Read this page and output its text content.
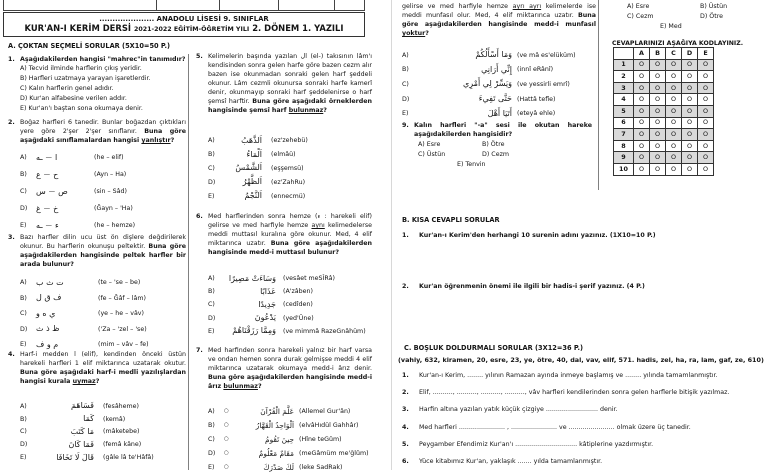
..................... ANADOLU LİSESİ 9. SINIFLAR
KUR'AN-I KERİM DERSİ 2021-2022 EĞİTİM-ÖĞRETİM YILI 2. DÖNEM 1. YAZILI
A. ÇOKTAN SEÇMELİ SORULAR (5X10=50 P.)
1. Aşağıdakilerden hangisi "mahrec"in tanımıdır?
A) Tecvid ilminde harflerin çıkış yeridir.
B) Harfleri uzatmaya yarayan işaretlerdir.
C) Kalın harflerin genel adıdır.
D) Kur'an alfabesine verilen addır.
E) Kur'an'ı baştan sona okumaya denir.
2. Boğaz harfleri 6 tanedir. Bunlar boğazdan çıktıkları yere göre 2'şer 2'şer sınıflanır. Buna göre aşağıdaki sınıflamalardan hangisi yanlıştır?
A)	ـه — ا	(he – elif)
B)	ع — ح	(Ayn – Ha)
C)	س — ص	(sin – Sâd)
D)	غ — خ	(Ğayn – 'Ha)
E)	ـه — ء	(he – hemze)
3. Bazı harfler dilin ucu üst ön dişlere değdirilerek okunur. Bu harflerin okunuşu peltektir. Buna göre aşağıdakilerden hangisinde peltek harfler bir arada bulunur?
A)	ت ث ب	(te – 'se – be)
B)	ف ق ل	(fe – Ğâf – lâm)
C)	ي ه و	(ye – he – vâv)
D)	ظ ذ ث	('Za – 'zel – 'se)
E)	م و ف	(mim – vâv – fe)
4. Harf-i medden ا (elif), kendinden önceki üstün harekeli harfleri 1 elif miktarınca uzatarak okutur. Buna göre aşağıdaki harf-i medli yazılışlardan hangisi kurala uymaz?
A)	فَسَاهَمَ (fesâheme)
B)	كَمَا (kemâ)
C)	مَا كَتَبَ (mâketebe)
D)	فَمَا كَانَ (femâ kâne)
E)	قَالَ لَا تَخَافَا (gâle lâ te'Hâfâ)
5. Kelimelerin başında yazılan ال (el-) takısının lâm'ı kendisinden sonra gelen harfe göre bazen cezm alır bazen ise okunmadan sonraki gelen harf şeddeli okunur. Lâm cezmli okunursa sonraki harfe kamerî denir, okunmayıp sonraki harf şeddelenirse o harf şemsî harftir. Buna göre aşağıdaki örneklerden hangisinde şemsî harf bulunmaz?
A)	اَلذَّهَبُ (ez'zehebü)
B)	اَلْمَاءُ (elmâü)
C)	اَلشَّمْسُ (eşşemsü)
D)	اَلظَّهْرُ (ez'ZahRu)
E)	اَلنَّجْمُ (ennecmü)
6. Med harflerinden sonra hemze (ء : harekeli elif) gelirse ve med harfiyle hemze aynı kelimedelerse meddi muttasıl kuralına göre okunur. Med, 4 elif miktarınca uzatır. Buna göre aşağıdakilerden hangisinde medd-i muttasıl bulunur?
A)	وَسَاءَتْ مَصِيرًا (vesâet meSÎRâ)
B)	عَذَابًا (A'zâben)
C)	جَدِيدًا (cedîden)
D)	يَدْعُونَ (yed'Ûne)
E)	وَمِمَّا رَزَقْنَاهُمْ (ve mimmâ RazeGnâhüm)
7. Med harfinden sonra harekeli yalnız bir harf varsa ve ondan hemen sonra durak gelmişse meddi 4 elif miktarınca uzatarak okumaya medd-i ârız denir. Buna göre aşağıdakilerden hangisinde medd-i ârız bulunmaz?
A)	○	عَلَّمَ الْقُرْآنَ (Allemel Gur'ân)
B)	○	اَلْوَاحِدُ الْقَهَّارُ (elvâHıdül Gahhâr)
C)	○	حِينَ تَقُومُ (Hîne teGûm)
D)	○	مَقَامٌ مَعْلُومٌ (meGâmüm me'ğlûm)
E)	○	لَكَ صَدْرَكَ (leke SadRak)
gelirse ve med harfiyle hemze ayrı ayrı kelimelerde ise meddi munfasıl olur. Med, 4 elif miktarınca uzatır. Buna göre aşağıdakilerden hangisinde medd-i munfasıl yoktur?
A)	وَمَا أَسْأَلُكُمْ (ve mâ es'elüküm)
B)	إِنِّي أَرَانِي (innî eRânî)
C)	وَيَسِّرْ لِي أَمْرِي (ve yessirli emrî)
D)	حَتَّى تَفِيءَ (Hattâ tefîe)
E)	أَتَيَا أَهْلَ (eteyâ ehle)
9. Kalın harfleri "-a" sesi ile okutan hareke aşağıdakilerden hangisidir?
A) Esre	B) Ötre
C) Üstün	D) Cezm
E) Tenvin
A) Esre	B) Üstün
C) Cezm	D) Ötre
E) Med
CEVAPLARINIZI AŞAĞIYA KODLAYINIZ.
	A	B	C	D	E
1	O	O	O	O	O
2	O	O	O	O	O
3	O	O	O	O	O
4	O	O	O	O	O
5	O	O	O	O	O
6	O	O	O	O	O
7	O	O	O	O	O
8	O	O	O	O	O
9	O	O	O	O	O
10	O	O	O	O	O
B. KISA CEVAPLI SORULAR
1.	Kur'an-ı Kerim'den herhangi 10 surenin adını yazınız. (1X10=10 P.)
2.	Kur'an öğrenmenin önemi ile ilgili bir hadis-i şerif yazınız. (4 P.)
C. BOŞLUK DOLDURMALI SORULAR (3X12=36 P.)
(vahiy, 632, kiramen, 20, esre, 23, ye, ötre, 40, dal, vav, elif, 571. hadis, zel, ha, ra, lam, gaf, ze, 610)
1.	Kur'an-ı Kerim, ........ yılının Ramazan ayında inmeye başlamış ve ........ yılında tamamlanmıştır.
2.	Elif, .........., .........., .........., .........., vâv harfleri kendilerinden sonra gelen harflerle bitişik yazılmaz.
3.	Harfin altına yazılan yatık küçük çizgiye .......................... denir.
4.	Med harfleri ....................... , ....................... ve ....................... olmak üzere üç tanedir.
5.	Peygamber Efendimiz Kur'an'ı ............................... kâtiplerine yazdırmıştır.
6.	Yüce kitabımız Kur'an, yaklaşık ....... yılda tamamlanmıştır.
